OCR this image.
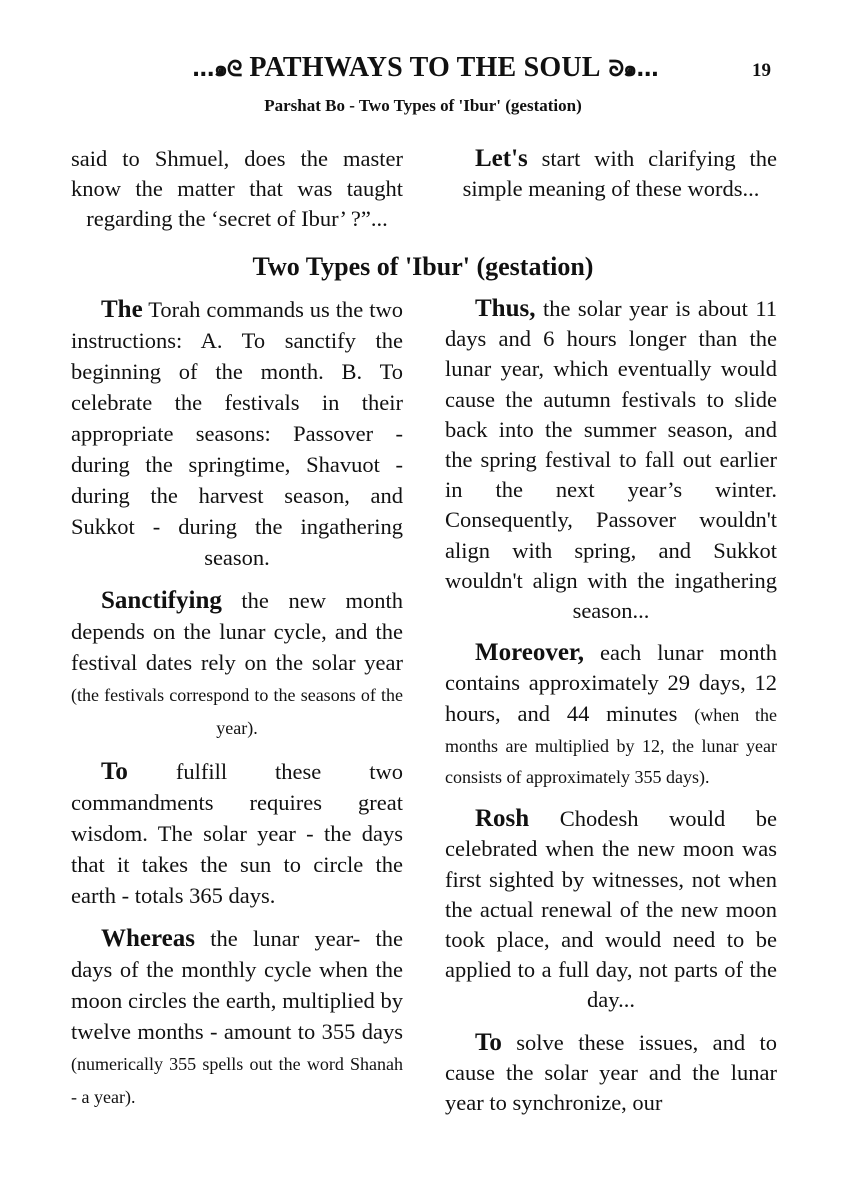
...๑ᘓ PATHWAYS TO THE SOUL ᘐ๑...	19
Parshat Bo - Two Types of 'Ibur' (gestation)

said to Shmuel, does the master know the matter that was taught regarding the ‘secret of Ibur’ ?”...

Let's start with clarifying the simple meaning of these words...

Two Types of 'Ibur' (gestation)

The Torah commands us the two instructions: A. To sanctify the beginning of the month. B. To celebrate the festivals in their appropriate seasons: Passover - during the springtime, Shavuot - during the harvest season, and Sukkot - during the ingathering season.

Sanctifying the new month depends on the lunar cycle, and the festival dates rely on the solar year (the festivals correspond to the seasons of the year).

To fulfill these two commandments requires great wisdom. The solar year - the days that it takes the sun to circle the earth - totals 365 days.

Whereas the lunar year- the days of the monthly cycle when the moon circles the earth, multiplied by twelve months - amount to 355 days (numerically 355 spells out the word Shanah - a year).

Thus, the solar year is about 11 days and 6 hours longer than the lunar year, which eventually would cause the autumn festivals to slide back into the summer season, and the spring festival to fall out earlier in the next year’s winter. Consequently, Passover wouldn't align with spring, and Sukkot wouldn't align with the ingathering season...

Moreover, each lunar month contains approximately 29 days, 12 hours, and 44 minutes (when the months are multiplied by 12, the lunar year consists of approximately 355 days).

Rosh Chodesh would be celebrated when the new moon was first sighted by witnesses, not when the actual renewal of the new moon took place, and would need to be applied to a full day, not parts of the day...

To solve these issues, and to cause the solar year and the lunar year to synchronize, our
